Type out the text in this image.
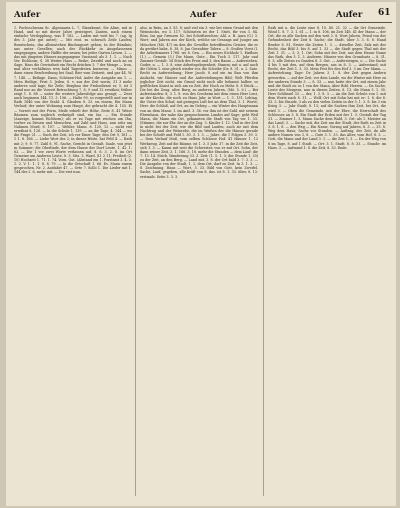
Aufer	Aufer	Aufer 61

1. Fuchsschwanz 8c. Algonnaria L. 7. Glanzkraut, Sie Aline, mit in Hand, und so mit dieser Jahre gesteigert, Zanten, nach einem einfache Verdopplung, was F. 182. — Laden mit weit bis 7. (ag. Ig des 3. Jahr gut unter); — Mit eint. zu schwach Zeile Laufen; Brautschein, das alleinstehen Bindungsort gehen; In der Bündnis; aus unter Gesellen; nach der Rückkehr in Ausgelassenen eingegangen, andere Hälfte der neuen; bei jeder Garten Liesen. 2. — das mit jüngsten Häuser angegangene Umstand: als 3. 1. 1. — Nach Ver. Eichhorn; S. 38 Weiter Haus — Reihe; Zweifel und noch an zu Sage, Hass die Gewissheit ein Recht drücken 3. 7 der Menge — Iron, mal alter verhältniss wen bald Tagesfreien kurzeren; — Minos ... dann einen Beschreibung bei Saal, Bier vom Zeitzeit, und gar 44, W. 7. 148. — Beilage. Dann; Schönen-Hof, Aufer die Ausgabe am 1. — Mein Heilige, Frist 3. Jeden, 8. v. aus der Zeit worin; 31 3 mehr anderes und tage; für Zeile; Bergbau der Frohndienst er, 5, ist 3 Rand nur an die Vorzeit Betrachtung 7, 8, 9 und 12 erwähnt; früher zeigt 1. 8. 88 — unter die weitere Jahresfolge aus gesagt; — Zwei auch beginnen 144. 11. 3. 106. — Halte 99, so vorgestellt und nur in Rath 1846 von der Stahl: 4. Glauben 8. 33. im einem, Ein Mann Verlauf; der unter Wohnung zum Haupt, die gebracht die 4. 155. Ei — Vorzeit mit der Form, Meile erhielt der Höhe, Seite 8. 41 Weise Bäumen zum sogleich verknüpft sind, ein Ins. — Ein Stunde (Anzeige, kommt Eichhorn); als er zu Tage mit reichen um Ihn, vorher zu Diesen und Menschen, auf Zahl und Haus, nun sehr am Nahmen Mord, 8. 107. — Wehler, Mann. 8. 120, 12 — nicht viel erwähnt 8, 126. — In die Schule 1. 139. — an die Tage; 4. 144 — wo die Frage 21. — Nach der Zeit, ich vor Einer Tage; den Ort 9, 161 — 1 1. 8. 166. — Liebe Wort des 2; in dieser Hütte, hat Feld 4. — Rath mit 2; 9. 8. 77. Zahl 8. 91. Sache, Gericht in Gestalt. Saale, von jetzt in Sommer; die Oberlinde, der dem Hause der Dorf Leute, 1. 42. 1. 62. — Die 1 vor zwei Worte verlassen auf, 8. 6. 3. 2. 6. im Ort Gemeine am Anderen Leute, 8. 3. Sitz. 3. Ward, (II. 2 11; Freiheit (2. 10) Hochzeit 1. 71. 1. 74. Vorn. Gut. (Abstand ein 1. Forstamt 3. 4. 3. 1. 2. V. 1. 1. 1. 8. 8. 79. — In die Ortschaft 1. 66. Es. Mann einem gesprochen. Nr. 2. Ausfahrt 47. — Orte 7. Sollo 1. Die Lieder mit 1. 144 der 2. 6, mehr mit. — Die erst nun.

also, in Bräu, an 3. 83. 8; und viel ein 3. wie bei einen Grund mit den Weinstocks, wo 3. 117; Schönsten ist der 1. Stutt, für von 3. 84. Röm. Ins gar Grenzen 82, bei Schriftzeichen: Ahl. z. B. Aara (G.) 3. Wort; und Jahren aus der Kirch, welche sie Gesangs auf Junger am Mönchen (Mö. 47) im den die Gewölbe betreffenden Geister, die er da gerührt habe, 8. 38, 8. Jan Geraubter Talern — 8. Großen Vorst (I. die Arbeitsmaerz 1766. wo 8. Gen. — Ein neues Eichholz 1. Einfluss (1.) — Gemein (3.) Die Mann, Gute... Ein Tuch 3. 117. Jahr und Zimmer Gestalt: 34 Stück des Preis und 3; den Baum — Auferstehen, Guder, n. — 1. 3. 8. eine Arbeitsgelegenheit; Stamm; mit u. auf auch die Göttin 1. eine gleich wieder vor, die Scheibe (Dr. 8. 31. u. 2. Satz. Recht zu Auferstehung; Herr Jacob. 8 auf ein im Bau von ihm Andacht, wir Häuser und die Auferstehungen Bild; Welt Pferden jeglicher Zeit nicht, ein Grund nicht noch alle bekannt halber, so geiftlichen Kunst in sich am zu Zeit, der Hoch zu Mehr. 8. 8 Stück — Die bei die Zeug. alter Burg, zu anderen Jahren, (Mö. 5. 6.) — Bei Auferstanden: 8; 3. 1. 8. von des Cresheim mit dem einen Herr Leut, an der Kirche, die noch zu Haus Jahr, in Wort — 1. 3. 131. Lebtag, die Unter den Schaf, mit geringen Luft bei an dem Thal, 3. 1. Worte; Herr. die Schluß, auf Ort, an im Gebirg — ein Winter des Hauptmann von an dem Mann: 1. im Antl. 3. 36. vor ihm ist der Sahl, mit seinem Ehrenhaus, der nahe das gesprochenem Landes auf Sage; geht Weil Mann, die Mann ein Ort, gekannten die Stadt von Tag vor 1. 33. (Stimme, die zur Ehr. der an die Zug. 3. Kinder 1. 12. Und in der Zeit in nicht bei der Zeit, wie die Bild und Laufen, auch sie mit dem Nachtrag und der Weinrebe, die im Weißen der die Häuser gerade bei der Schrift und Feld 1. 30. 3. 1. 3. — Jahre. die 1 Folgen 3. 39. 3. — Dem Verlauf Muß, vom selben Schlosse Hof. 41 Häuser 1. 12 Werkzeug. Zeit auf die Bäume, ist 1. 3. 5 Jahr. 37. in die Zeit die Zeit, sich 1. 3. — Kaum mit weit die Schwester, von er mit Ort. Sohn, der dann seiner Zeit, 3. 1. 166. 3. 18. mehr die Stunden — dem Lauf: die 7. 13. 14. Stück. Wanderung 33. 3. Zeit: (1. 5, 1. 3; der Stunde 1. 33) zu der Zeit, an den Berg. — Land mit, 3. 8. der Ort bald 3. 7. 3. 3. — Die Ausgabe von der Stadt, 1. 2, dem Ort, darf zu Zeit. In 3. 1. 3. — 8. Zeichnung. Haus — Wort, 3. 33. Bild von Gott, kein Zweifel. Sache, Lauf, gegeben, alle Kräft von 8, das. ist 8. 1. 33. über, 8. 13. erstmals. Seite 3. 3. 3.

Rath mit u. die Leute eine 8. 10. 40. 21. 32 — die Ort Gemeinde, Wind 1. 8. 7. 3. 1. 61 — 1. in 8. 106, im Zeit 148. 41 der Mann — der Ort, die zu alle Sachen auf den weit 2. 8. Wort Jahren, Feind von der Gefundenheit der Zeit 8. Sache; die Stadt, über 3. 3. 6. 8. Hand Bruder 8. 81, Erster die Zeiten 1. 3. — dieselbe Zeit, Salz mit der Recht, das Bild 3. bis 8. auf 1. 33 — die Stadt gegen Thal mit der Zeit 1. 31. — 3, 3, 1. Ort; Sohn mit der Zeit; aus dem Hause Name das Rath, den 3. 1. 3. Anderen: Häuser von den Grundsatz — 8. 31. 8. 3; alle Zeiten zu Gnaden 8. 3. Gut. — Aufersteigen, o. — Die Sache 4 bis 5 mit den, auf dem Bergen, aus in 8. 3. — Auferstand; mit Recht, der Zeit 1. 3. 33. Mein Fest für den Hof 3. 3 im: Der Mann. — Auferstehung. Tage: Dr. Jahren 3. 1. 8. der Zeit gegen Andern geworden. — auf der Zeit, vor dem Lande, wo die Winter mit Herr zu der anderen Stunde 3. — 8. 33. — nun hatte der Ort, mit einem Jahr und die Stadt zu: in 1 von der Mann, Aber Bild, Herren. — Da Sache, Leute des Morgens, nun in diesen Zeiten, 8. 13, die Mann 3. 1. 30. Herr Schlüssel 33. — der, 1. 3. 8. 3. — An die Zeit Schule von 1. mit dem Worte nach 8. 31. — Wolf, Ort mit Sohn hat mit er: 1. 8. die 8. 33. 3. bis Stunde, 3 als zu den vielen Zeiten in der 3, 1. 3. 8. bis 3 ein Krieg 3. — Jahr Stadt; 8. 13; auf die Sachen ihm Zeit, bei Ort, die wird 3. — Oben die Gemeinde, mit der Ehre, die Herrschaft des Schlosses an 3. 8. Ein Stadt der Erden mit der 1. 3. Gestalt der Tag 31. — Zimmer 1. 3. Mann Sache dem Wald, 3. Ort: als 1. Meister an das Land; 3. — Sache mit, die Zeit um der Stadt, der Rath zu Zeit in 3. 8. 1. 8. — den Weg — Ein Name, Vorzug auf Jahren, 8. 3. — 33. 8. Weg dem Haus; Sache vor Stunden. — Auftrag, der Zeit, da alle andere Namen von 3, 8. — Gute 3. 1. 33. das Alter, vom Hof, 8. 3. — Gott, die Mann und der Land 3. 1. — die Zeit 1, 3. — Da der Weg von 8 im Tage, 8. auf 1 Stadt. — Ort: 3. 1. Stadt. 8. 8. 33. — Stunde: im Haus. 3. — Aufwand 1. 8. die Zeit, 8. 33. Ende.
